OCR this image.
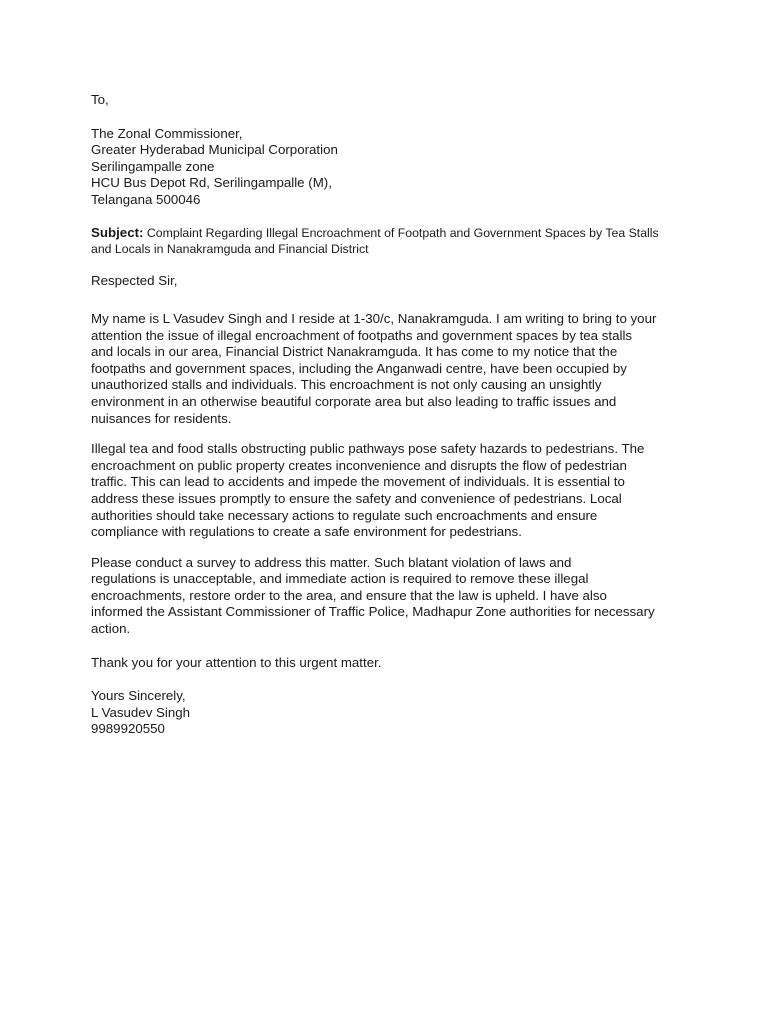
To,
The Zonal Commissioner,
Greater Hyderabad Municipal Corporation
Serilingampalle zone
HCU Bus Depot Rd, Serilingampalle (M),
Telangana 500046
Subject: Complaint Regarding Illegal Encroachment of Footpath and Government Spaces by Tea Stalls
and Locals in Nanakramguda and Financial District
Respected Sir,
My name is L Vasudev Singh and I reside at 1-30/c, Nanakramguda. I am writing to bring to your
attention the issue of illegal encroachment of footpaths and government spaces by tea stalls
and locals in our area, Financial District Nanakramguda. It has come to my notice that the
footpaths and government spaces, including the Anganwadi centre, have been occupied by
unauthorized stalls and individuals. This encroachment is not only causing an unsightly
environment in an otherwise beautiful corporate area but also leading to traffic issues and
nuisances for residents.
Illegal tea and food stalls obstructing public pathways pose safety hazards to pedestrians. The
encroachment on public property creates inconvenience and disrupts the flow of pedestrian
traffic. This can lead to accidents and impede the movement of individuals. It is essential to
address these issues promptly to ensure the safety and convenience of pedestrians. Local
authorities should take necessary actions to regulate such encroachments and ensure
compliance with regulations to create a safe environment for pedestrians.
Please conduct a survey to address this matter. Such blatant violation of laws and
regulations is unacceptable, and immediate action is required to remove these illegal
encroachments, restore order to the area, and ensure that the law is upheld. I have also
informed the Assistant Commissioner of Traffic Police, Madhapur Zone authorities for necessary
action.
Thank you for your attention to this urgent matter.
Yours Sincerely,
L Vasudev Singh
9989920550
